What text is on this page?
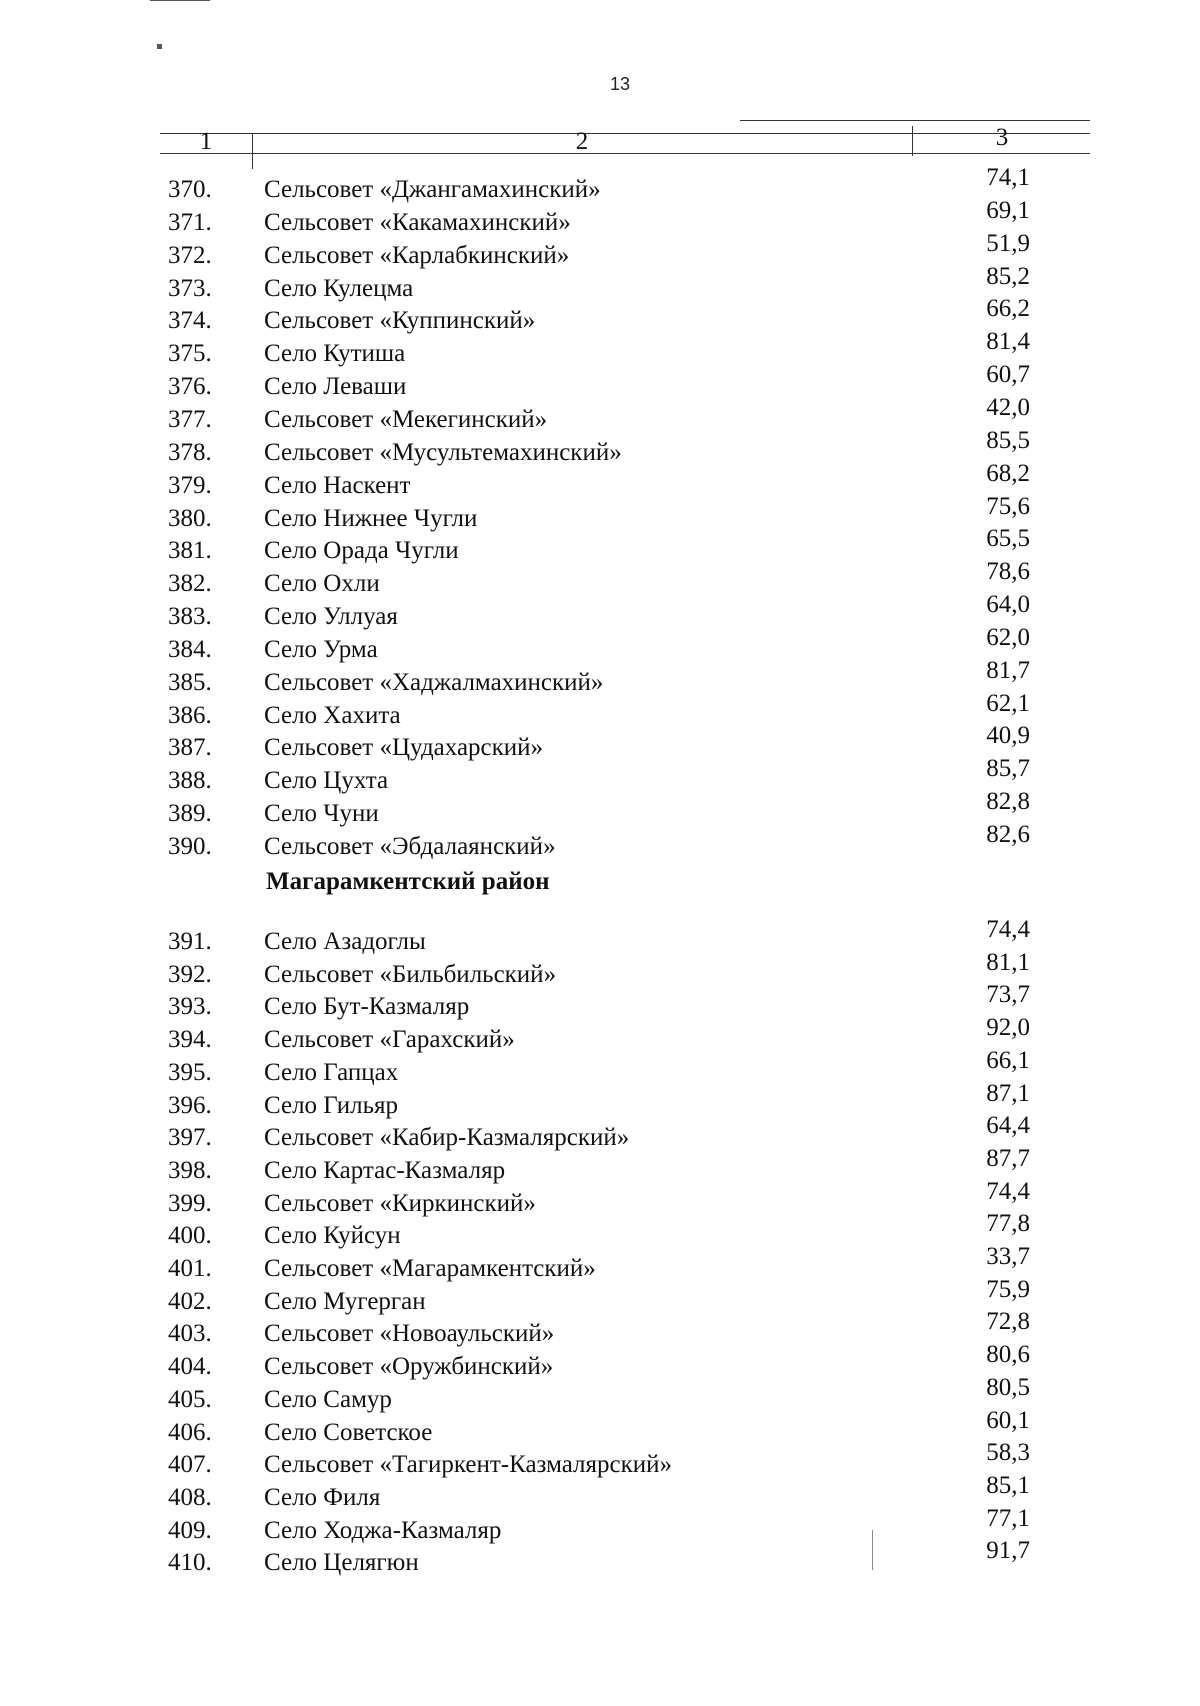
13
1	2	3
370.	Сельсовет «Джангамахинский»	74,1
371.	Сельсовет «Какамахинский»	69,1
372.	Сельсовет «Карлабкинский»	51,9
373.	Село Кулецма	85,2
374.	Сельсовет «Куппинский»	66,2
375.	Село Кутиша	81,4
376.	Село Леваши	60,7
377.	Сельсовет «Мекегинский»	42,0
378.	Сельсовет «Мусультемахинский»	85,5
379.	Село Наскент	68,2
380.	Село Нижнее Чугли	75,6
381.	Село Орада Чугли	65,5
382.	Село Охли	78,6
383.	Село Уллуая	64,0
384.	Село Урма	62,0
385.	Сельсовет «Хаджалмахинский»	81,7
386.	Село Хахита	62,1
387.	Сельсовет «Цудахарский»	40,9
388.	Село Цухта	85,7
389.	Село Чуни	82,8
390.	Сельсовет «Эбдалаянский»	82,6
391.	Село Азадоглы	74,4
392.	Сельсовет «Бильбильский»	81,1
393.	Село Бут-Казмаляр	73,7
394.	Сельсовет «Гарахский»	92,0
395.	Село Гапцах	66,1
396.	Село Гильяр	87,1
397.	Сельсовет «Кабир-Казмалярский»	64,4
398.	Село Картас-Казмаляр	87,7
399.	Сельсовет «Киркинский»	74,4
400.	Село Куйсун	77,8
401.	Сельсовет «Магарамкентский»	33,7
402.	Село Мугерган	75,9
403.	Сельсовет «Новоаульский»	72,8
404.	Сельсовет «Оружбинский»	80,6
405.	Село Самур	80,5
406.	Село Советское	60,1
407.	Сельсовет «Тагиркент-Казмалярский»	58,3
408.	Село Филя	85,1
409.	Село Ходжа-Казмаляр	77,1
410.	Село Целягюн	91,7
Магарамкентский район
